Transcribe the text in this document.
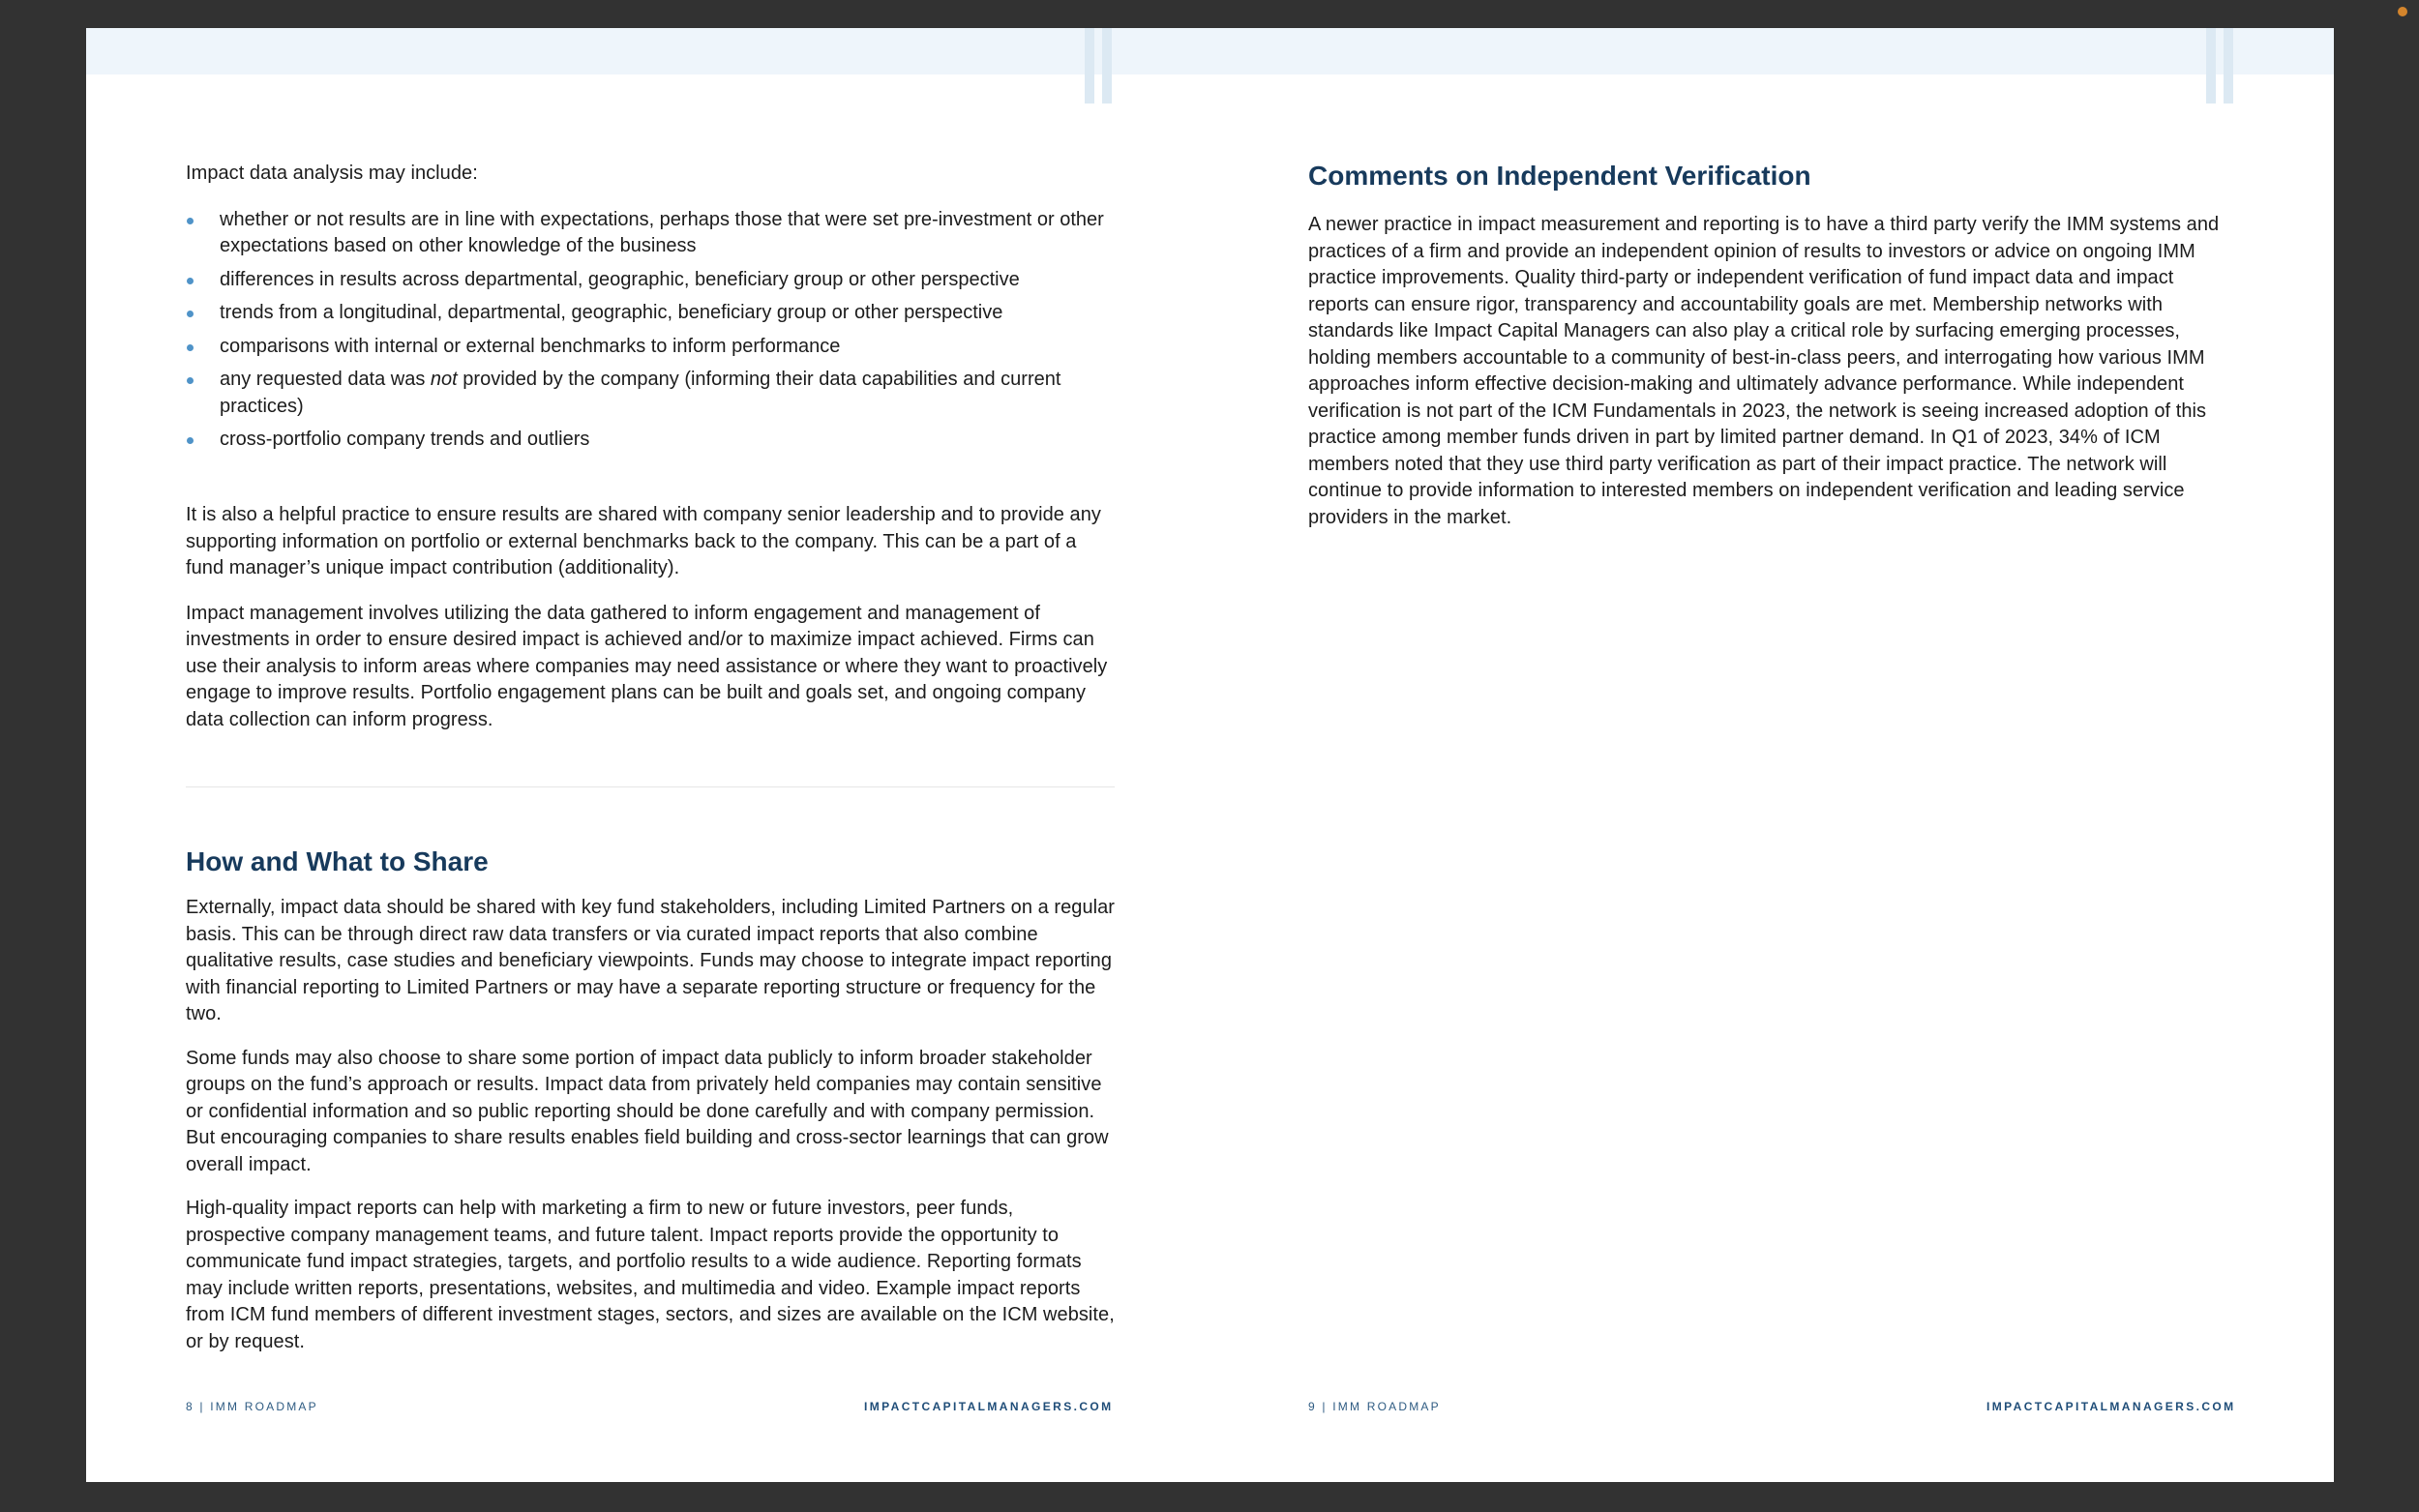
Impact data analysis may include:

whether or not results are in line with expectations, perhaps those that were set pre-investment or other expectations based on other knowledge of the business
differences in results across departmental, geographic, beneficiary group or other perspective
trends from a longitudinal, departmental, geographic, beneficiary group or other perspective
comparisons with internal or external benchmarks to inform performance
any requested data was not provided by the company (informing their data capabilities and current practices)
cross-portfolio company trends and outliers

It is also a helpful practice to ensure results are shared with company senior leadership and to provide any supporting information on portfolio or external benchmarks back to the company. This can be a part of a fund manager’s unique impact contribution (additionality).

Impact management involves utilizing the data gathered to inform engagement and management of investments in order to ensure desired impact is achieved and/or to maximize impact achieved. Firms can use their analysis to inform areas where companies may need assistance or where they want to proactively engage to improve results. Portfolio engagement plans can be built and goals set, and ongoing company data collection can inform progress.

How and What to Share

Externally, impact data should be shared with key fund stakeholders, including Limited Partners on a regular basis. This can be through direct raw data transfers or via curated impact reports that also combine qualitative results, case studies and beneficiary viewpoints. Funds may choose to integrate impact reporting with financial reporting to Limited Partners or may have a separate reporting structure or frequency for the two.

Some funds may also choose to share some portion of impact data publicly to inform broader stakeholder groups on the fund’s approach or results. Impact data from privately held companies may contain sensitive or confidential information and so public reporting should be done carefully and with company permission. But encouraging companies to share results enables field building and cross-sector learnings that can grow overall impact.

High-quality impact reports can help with marketing a firm to new or future investors, peer funds, prospective company management teams, and future talent. Impact reports provide the opportunity to communicate fund impact strategies, targets, and portfolio results to a wide audience. Reporting formats may include written reports, presentations, websites, and multimedia and video. Example impact reports from ICM fund members of different investment stages, sectors, and sizes are available on the ICM website, or by request.

8 | IMM ROADMAP	IMPACTCAPITALMANAGERS.COM
Comments on Independent Verification

A newer practice in impact measurement and reporting is to have a third party verify the IMM systems and practices of a firm and provide an independent opinion of results to investors or advice on ongoing IMM practice improvements. Quality third-party or independent verification of fund impact data and impact reports can ensure rigor, transparency and accountability goals are met. Membership networks with standards like Impact Capital Managers can also play a critical role by surfacing emerging processes, holding members accountable to a community of best-in-class peers, and interrogating how various IMM approaches inform effective decision-making and ultimately advance performance. While independent verification is not part of the ICM Fundamentals in 2023, the network is seeing increased adoption of this practice among member funds driven in part by limited partner demand. In Q1 of 2023, 34% of ICM members noted that they use third party verification as part of their impact practice. The network will continue to provide information to interested members on independent verification and leading service providers in the market.

9 | IMM ROADMAP	IMPACTCAPITALMANAGERS.COM
